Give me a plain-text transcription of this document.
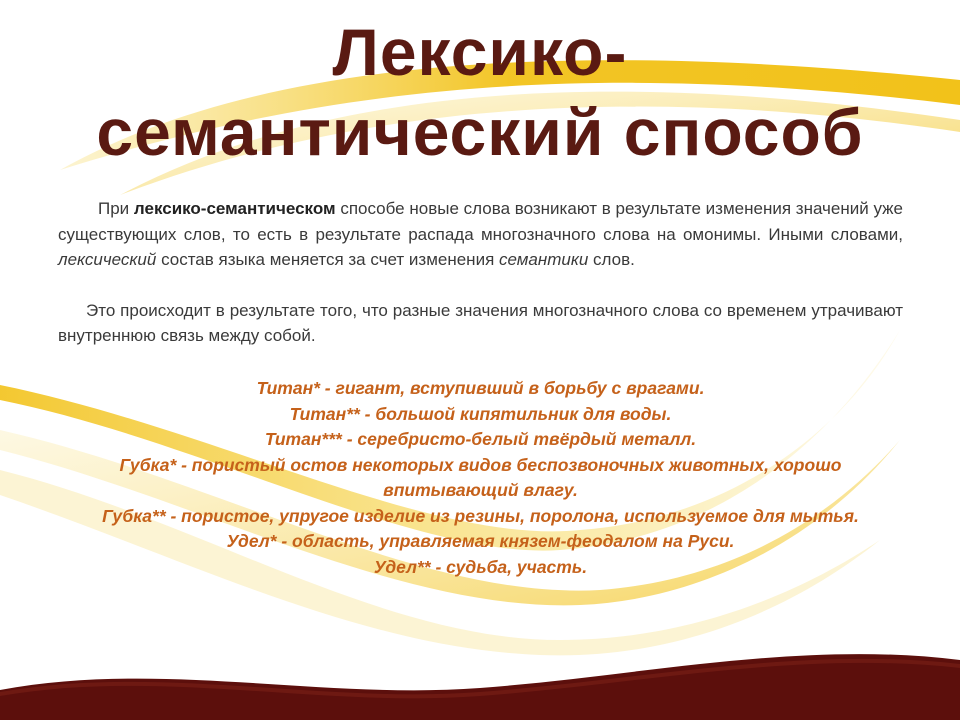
Лексико-
семантический способ

При лексико-семантическом способе новые слова возникают в результате изменения значений уже существующих слов, то есть в результате распада многозначного слова на омонимы. Иными словами, лексический состав языка меняется за счет изменения семантики слов.

Это происходит в результате того, что разные значения многозначного слова со временем утрачивают внутреннюю связь между собой.

Титан* - гигант, вступивший в борьбу с врагами.
Титан** - большой кипятильник для воды.
Титан*** - серебристо-белый твёрдый металл.
Губка* - пористый остов некоторых видов беспозвоночных животных, хорошо впитывающий влагу.
Губка** - пористое, упругое изделие из резины, поролона, используемое для мытья.
Удел* - область, управляемая князем-феодалом на Руси.
Удел** - судьба, участь.
